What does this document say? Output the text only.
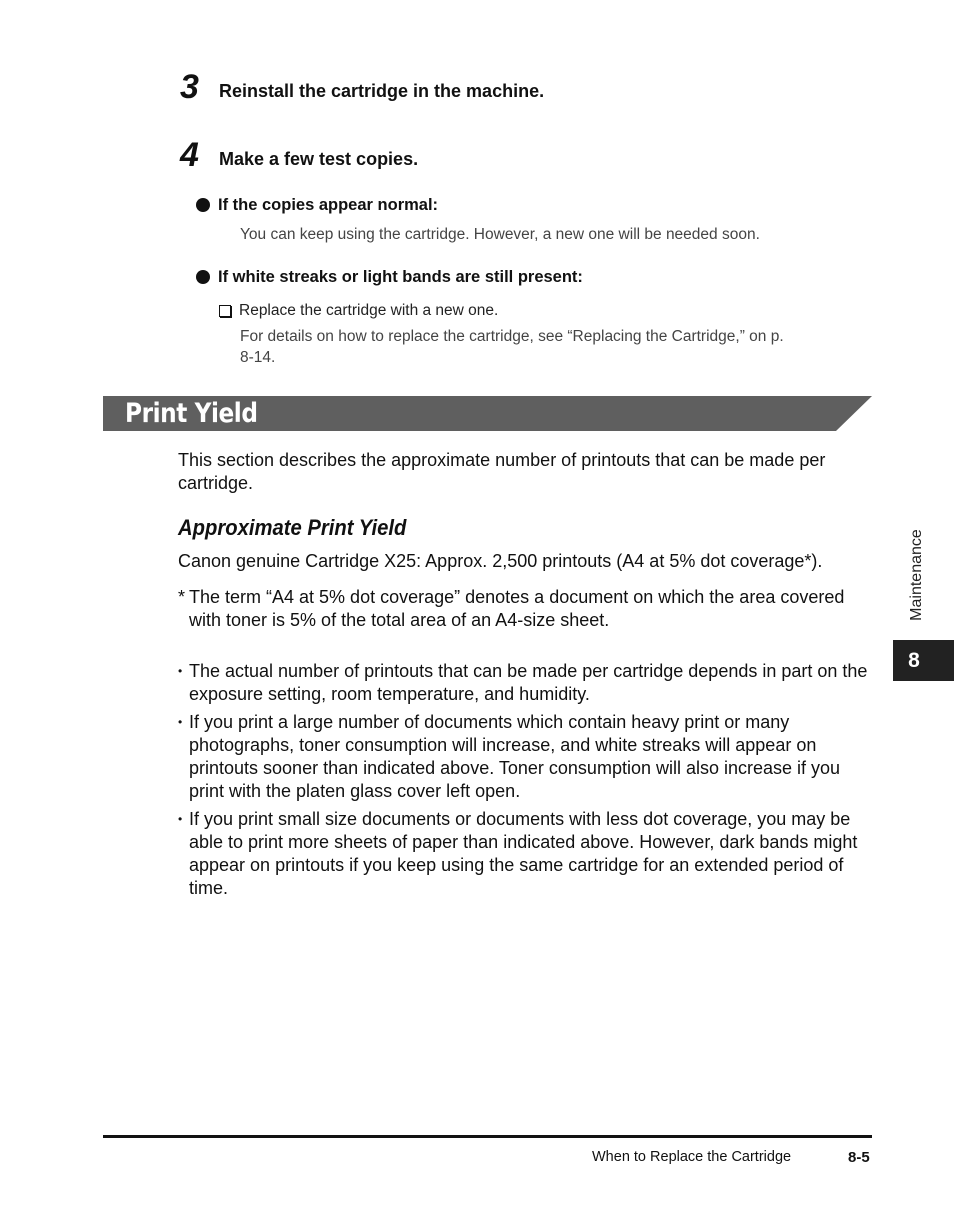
3 Reinstall the cartridge in the machine.
4 Make a few test copies.
If the copies appear normal:
You can keep using the cartridge. However, a new one will be needed soon.
If white streaks or light bands are still present:
Replace the cartridge with a new one.
For details on how to replace the cartridge, see “Replacing the Cartridge,” on p.
8-14.
Print Yield
This section describes the approximate number of printouts that can be made per
cartridge.
Approximate Print Yield
Canon genuine Cartridge X25: Approx. 2,500 printouts (A4 at 5% dot coverage*).
* The term “A4 at 5% dot coverage” denotes a document on which the area covered with toner is 5% of the total area of an A4-size sheet.
• The actual number of printouts that can be made per cartridge depends in part on the exposure setting, room temperature, and humidity.
• If you print a large number of documents which contain heavy print or many photographs, toner consumption will increase, and white streaks will appear on printouts sooner than indicated above. Toner consumption will also increase if you print with the platen glass cover left open.
• If you print small size documents or documents with less dot coverage, you may be able to print more sheets of paper than indicated above. However, dark bands might appear on printouts if you keep using the same cartridge for an extended period of time.
Maintenance
8
When to Replace the Cartridge	8-5
